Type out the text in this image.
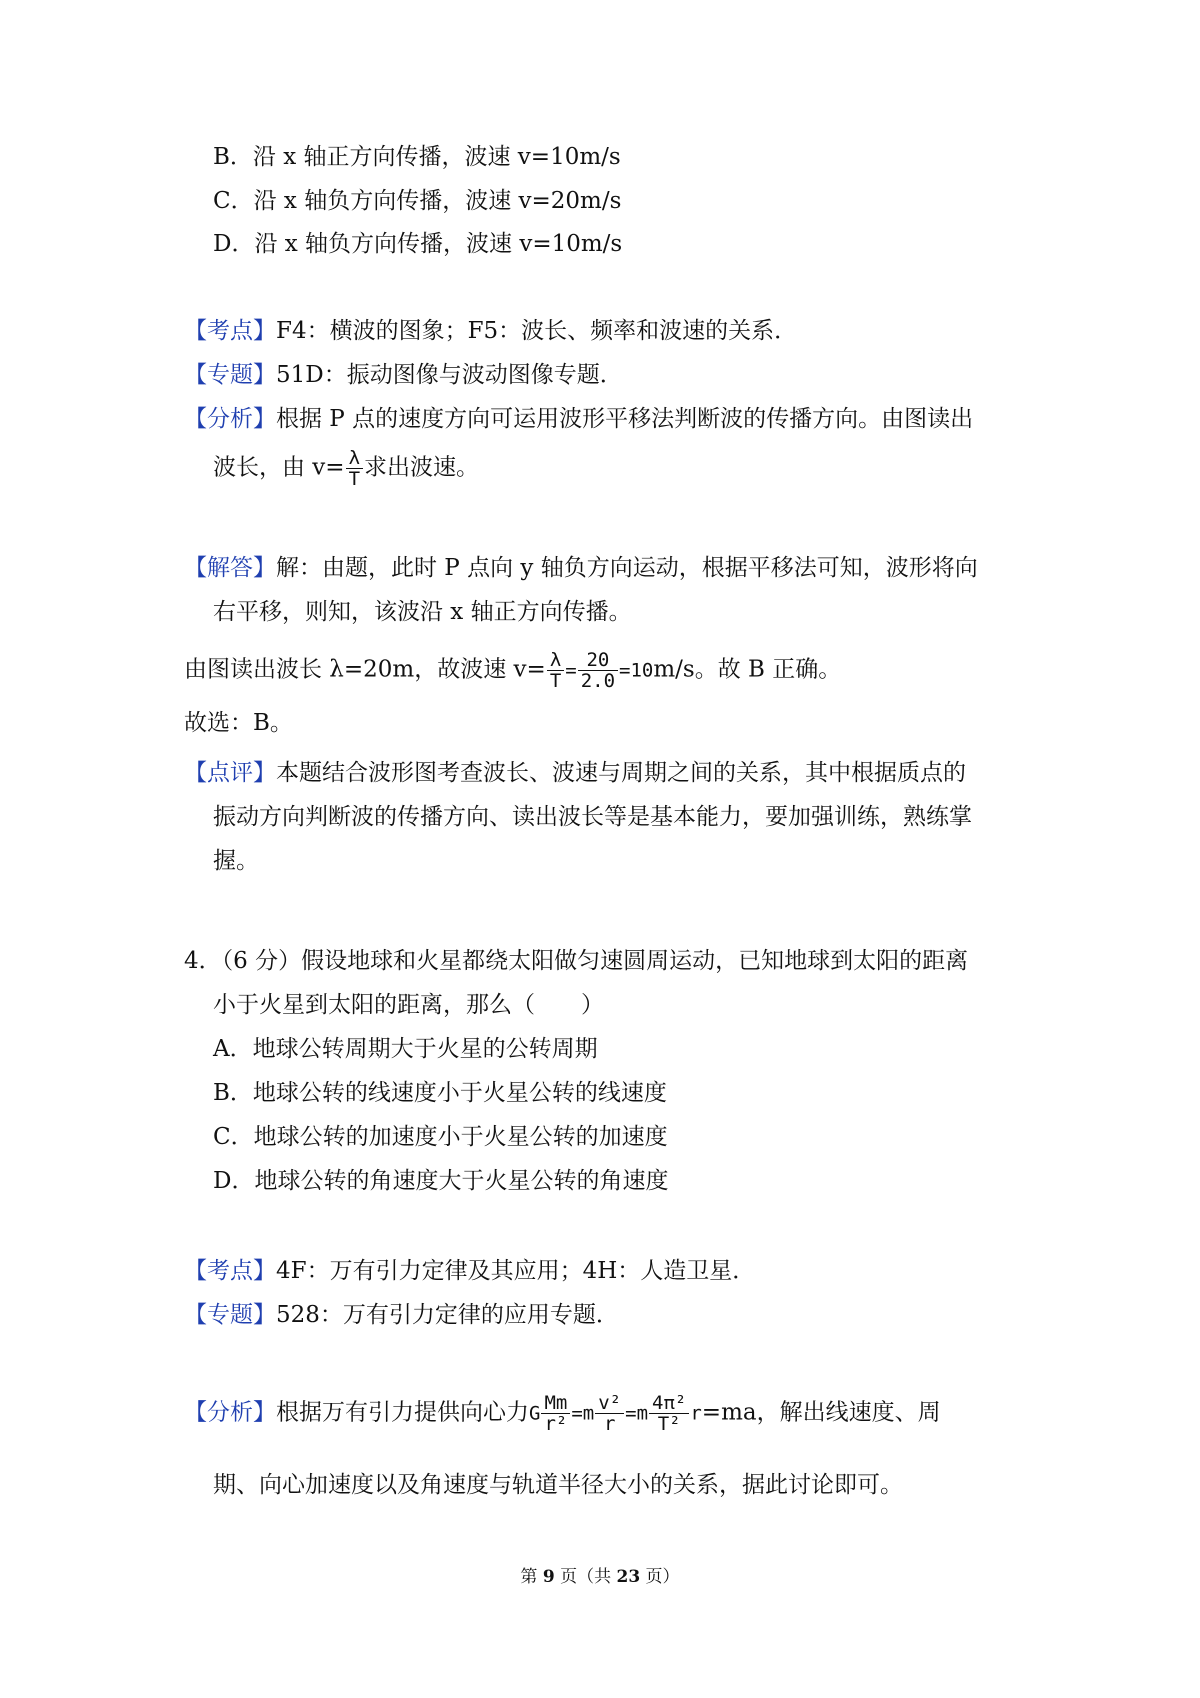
B．沿 x 轴正方向传播，波速 v=10m/s
C．沿 x 轴负方向传播，波速 v=20m/s
D．沿 x 轴负方向传播，波速 v=10m/s
【考点】F4：横波的图象；F5：波长、频率和波速的关系．
【专题】51D：振动图像与波动图像专题．
【分析】根据 P 点的速度方向可运用波形平移法判断波的传播方向。由图读出
波长，由 $v= \frac{\lambda}{T}$ 求出波速。
【解答】解：由题，此时 P 点向 y 轴负方向运动，根据平移法可知，波形将向
右平移，则知，该波沿 x 轴正方向传播。
由图读出波长 λ=20m，故波速 $v= \frac{\lambda}{T} = \frac{20}{2.0} =10m/s$。故 B 正确。
故选：B。
【点评】本题结合波形图考查波长、波速与周期之间的关系，其中根据质点的
振动方向判断波的传播方向、读出波长等是基本能力，要加强训练，熟练掌
握。
4．（6 分）假设地球和火星都绕太阳做匀速圆周运动，已知地球到太阳的距离
小于火星到太阳的距离，那么（　　）
A．地球公转周期大于火星的公转周期
B．地球公转的线速度小于火星公转的线速度
C．地球公转的加速度小于火星公转的加速度
D．地球公转的角速度大于火星公转的角速度
【考点】4F：万有引力定律及其应用；4H：人造卫星．
【专题】528：万有引力定律的应用专题．
【分析】根据万有引力提供向心力G $\frac{Mm}{\text{r²}} =m \frac{\text{v²}}{r} =m \frac{\text{4π²}}{\text{T²}} r=ma$，解出线速度、周
期、向心加速度以及角速度与轨道半径大小的关系，据此讨论即可。
第 9 页（共 23 页）
